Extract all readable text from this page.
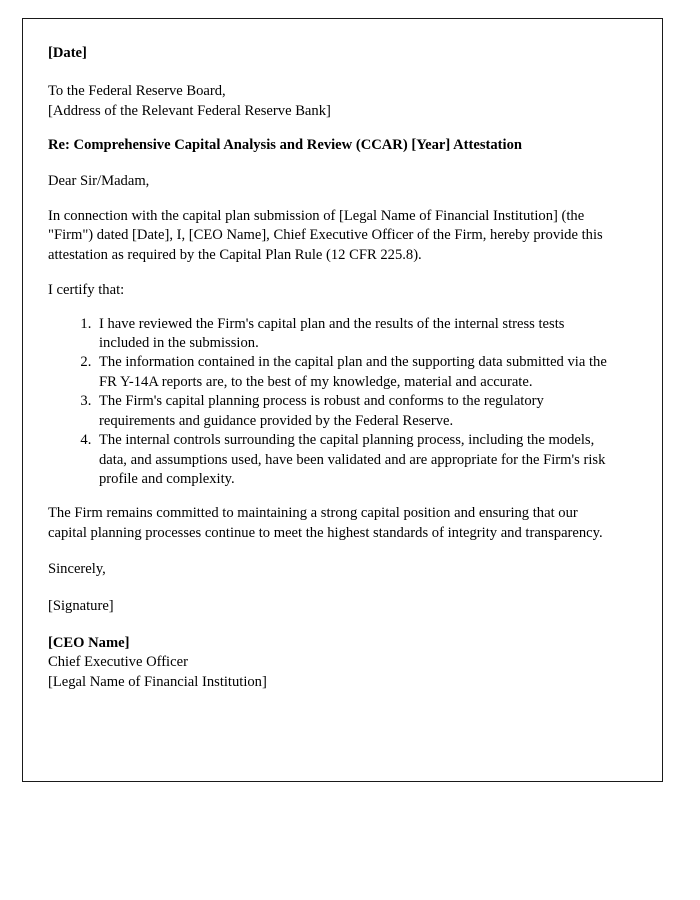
[Date]
To the Federal Reserve Board,
[Address of the Relevant Federal Reserve Bank]
Re: Comprehensive Capital Analysis and Review (CCAR) [Year] Attestation
Dear Sir/Madam,
In connection with the capital plan submission of [Legal Name of Financial Institution] (the "Firm") dated [Date], I, [CEO Name], Chief Executive Officer of the Firm, hereby provide this attestation as required by the Capital Plan Rule (12 CFR 225.8).
I certify that:
1. I have reviewed the Firm's capital plan and the results of the internal stress tests included in the submission.
2. The information contained in the capital plan and the supporting data submitted via the FR Y-14A reports are, to the best of my knowledge, material and accurate.
3. The Firm's capital planning process is robust and conforms to the regulatory requirements and guidance provided by the Federal Reserve.
4. The internal controls surrounding the capital planning process, including the models, data, and assumptions used, have been validated and are appropriate for the Firm's risk profile and complexity.
The Firm remains committed to maintaining a strong capital position and ensuring that our capital planning processes continue to meet the highest standards of integrity and transparency.
Sincerely,
[Signature]
[CEO Name]
Chief Executive Officer
[Legal Name of Financial Institution]
